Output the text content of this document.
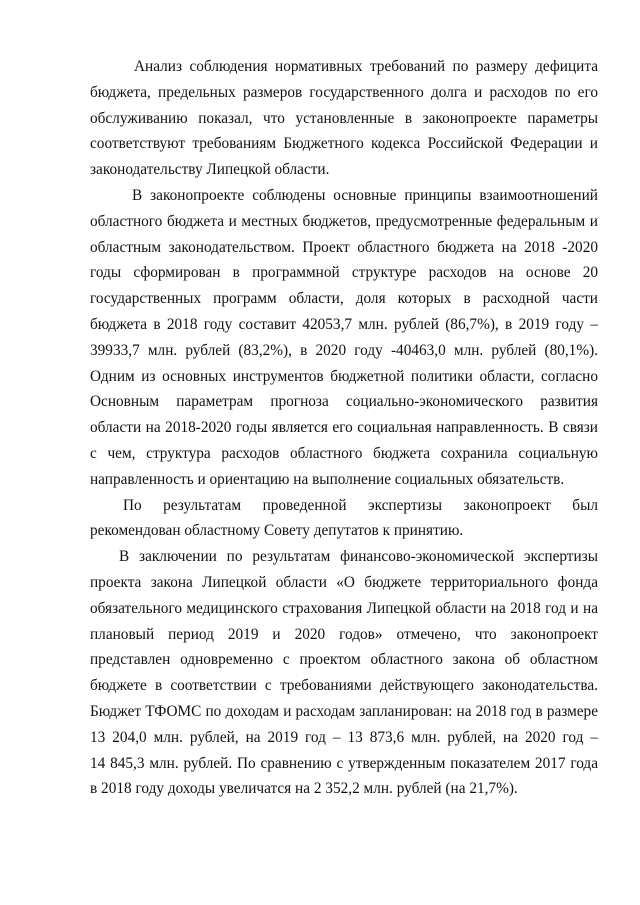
Анализ соблюдения нормативных требований по размеру дефицита
бюджета, предельных размеров государственного долга и расходов по его
обслуживанию показал, что установленные в законопроекте параметры
соответствуют требованиям Бюджетного кодекса Российской Федерации и
законодательству Липецкой области.
В законопроекте соблюдены основные принципы взаимоотношений
областного бюджета и местных бюджетов, предусмотренные федеральным и
областным законодательством. Проект областного бюджета на 2018 -2020
годы сформирован в программной структуре расходов на основе 20
государственных программ области, доля которых в расходной части
бюджета в 2018 году составит 42053,7 млн. рублей (86,7%), в 2019 году –
39933,7 млн. рублей (83,2%), в 2020 году -40463,0 млн. рублей (80,1%).
Одним из основных инструментов бюджетной политики области, согласно
Основным параметрам прогноза социально-экономического развития
области на 2018-2020 годы является его социальная направленность. В связи
с чем, структура расходов областного бюджета сохранила социальную
направленность и ориентацию на выполнение социальных обязательств.
По результатам проведенной экспертизы законопроект был
рекомендован областному Совету депутатов к принятию.
В заключении по результатам финансово-экономической экспертизы
проекта закона Липецкой области «О бюджете территориального фонда
обязательного медицинского страхования Липецкой области на 2018 год и на
плановый период 2019 и 2020 годов» отмечено, что законопроект
представлен одновременно с проектом областного закона об областном
бюджете в соответствии с требованиями действующего законодательства.
Бюджет ТФОМС по доходам и расходам запланирован: на 2018 год в размере
13 204,0 млн. рублей, на 2019 год – 13 873,6 млн. рублей, на 2020 год –
14 845,3 млн. рублей. По сравнению с утвержденным показателем 2017 года
в 2018 году доходы увеличатся на 2 352,2 млн. рублей (на 21,7%).
